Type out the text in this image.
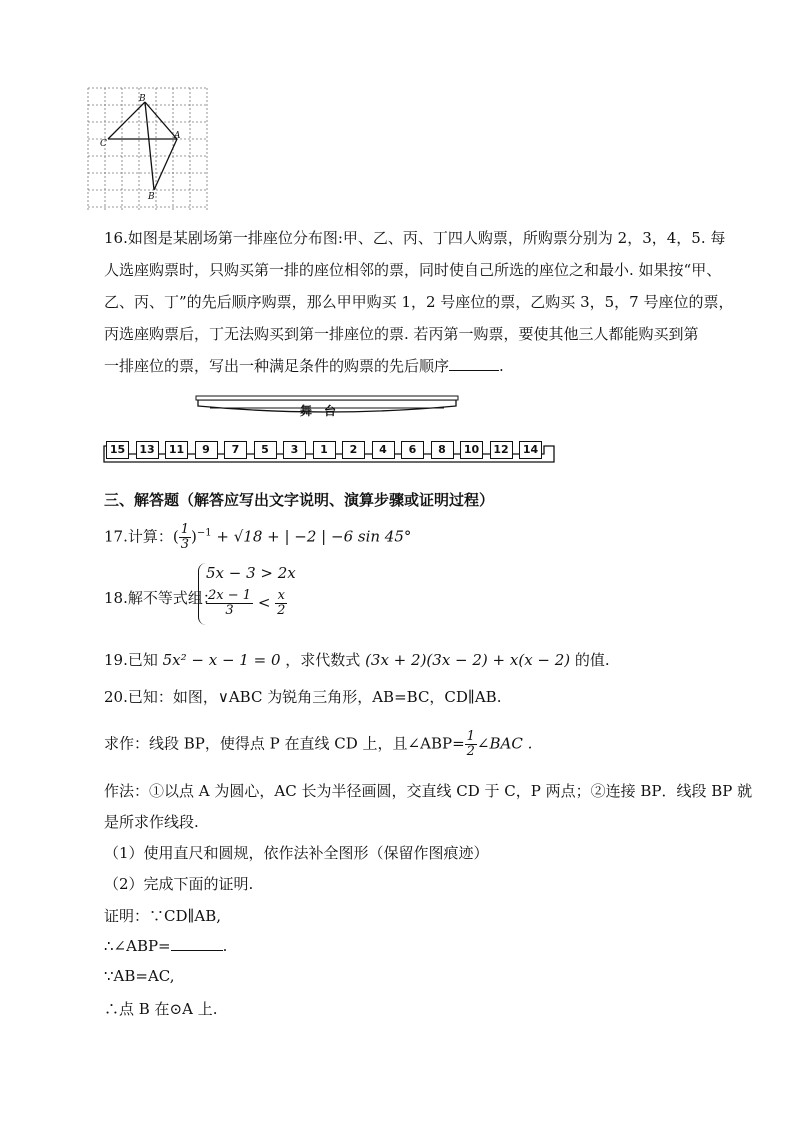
B
C
A
B
16.如图是某剧场第一排座位分布图:甲、乙、丙、丁四人购票，所购票分别为 2，3，4，5. 每
人选座购票时，只购买第一排的座位相邻的票，同时使自己所选的座位之和最小. 如果按“甲、
乙、丙、丁”的先后顺序购票，那么甲甲购买 1，2 号座位的票，乙购买 3，5，7 号座位的票，
丙选座购票后，丁无法购买到第一排座位的票. 若丙第一购票，要使其他三人都能购买到第
一排座位的票，写出一种满足条件的购票的先后顺序	.
舞　台
15	13	11	9	7	5	3	1	2	4	6	8	10	12	14
三、解答题（解答应写出文字说明、演算步骤或证明过程）
17.计算：( $\frac{1}{3} )^{-1} + √18$ + | −2 | −6 sin 45°
18.解不等式组：
5x − 3 > 2x
$\frac{2x - 1}{3} < \frac{x}{2}$
19.已知 5x² − x − 1 = 0 ，求代数式 (3x + 2)(3x − 2) + x(x − 2) 的值.
20.已知：如图，∨ABC 为锐角三角形，AB=BC，CD∥AB.
求作：线段 BP，使得点 P 在直线 CD 上，且∠ABP= $\frac{1}{2}$ ∠BAC .
作法：①以点 A 为圆心，AC 长为半径画圆，交直线 CD 于 C，P 两点；②连接 BP．线段 BP 就
是所求作线段.
（1）使用直尺和圆规，依作法补全图形（保留作图痕迹）
（2）完成下面的证明.
证明：∵CD∥AB,
∴∠ABP=	.
∵AB=AC,
∴点 B 在⊙A 上.
